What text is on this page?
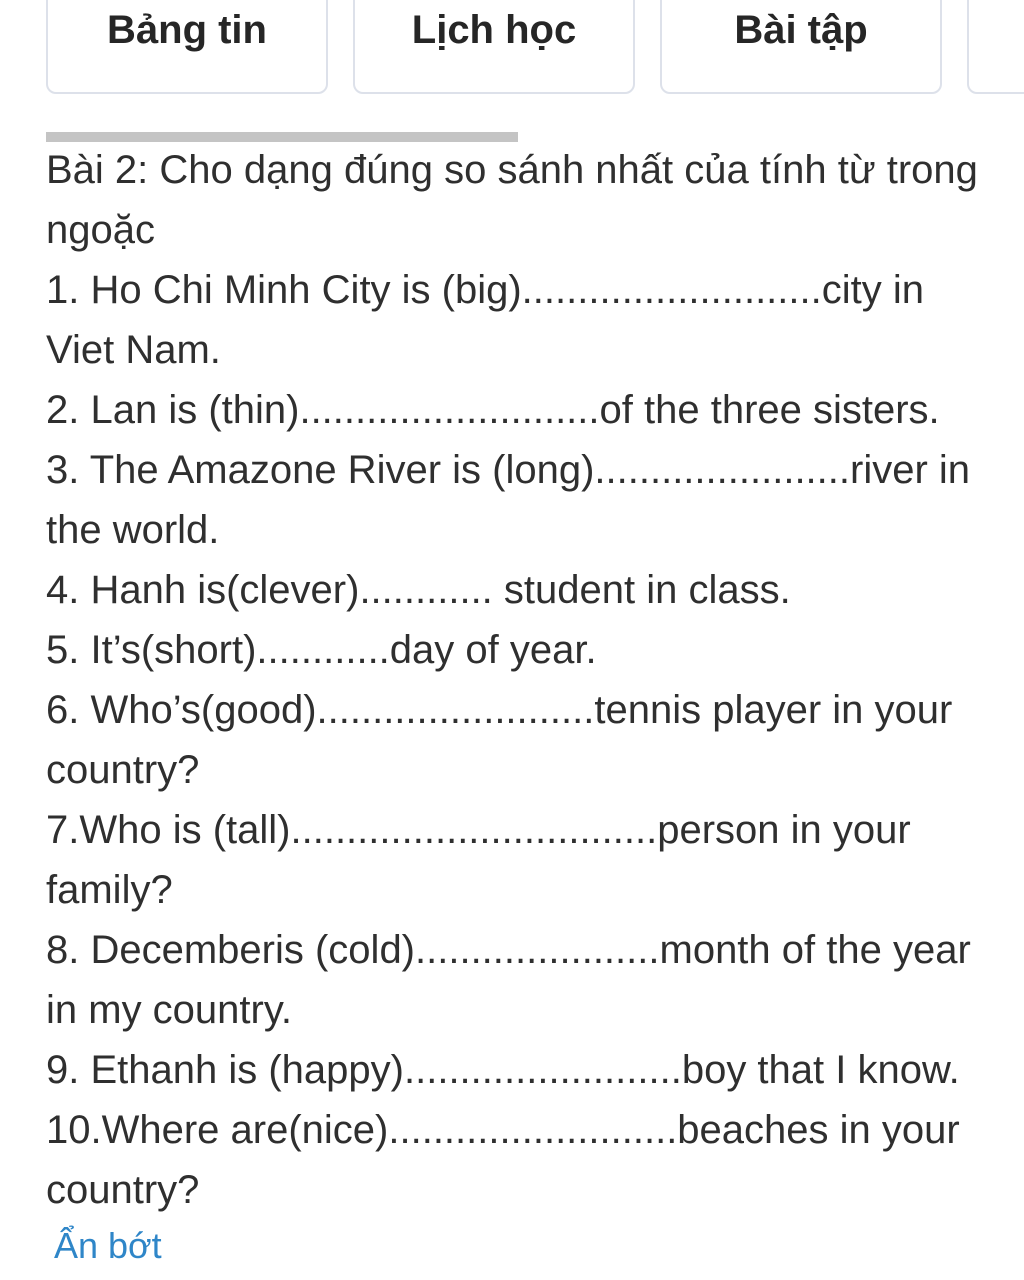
Bảng tin	Lịch học	Bài tập

Bài 2: Cho dạng đúng so sánh nhất của tính từ trong ngoặc

1. Ho Chi Minh City is (big)...........................city in Viet Nam.

2. Lan is (thin)...........................of the three sisters.

3. The Amazone River is (long).......................river in the world.

4. Hanh is(clever)............ student in class.

5. It’s(short)............day of year.

6. Who’s(good).........................tennis player in your country?

7.Who is (tall).................................person in your family?

8. Decemberis (cold)......................month of the year in my country.

9. Ethanh is (happy).........................boy that I know.

10.Where are(nice)..........................beaches in your country?

Ẩn bớt
